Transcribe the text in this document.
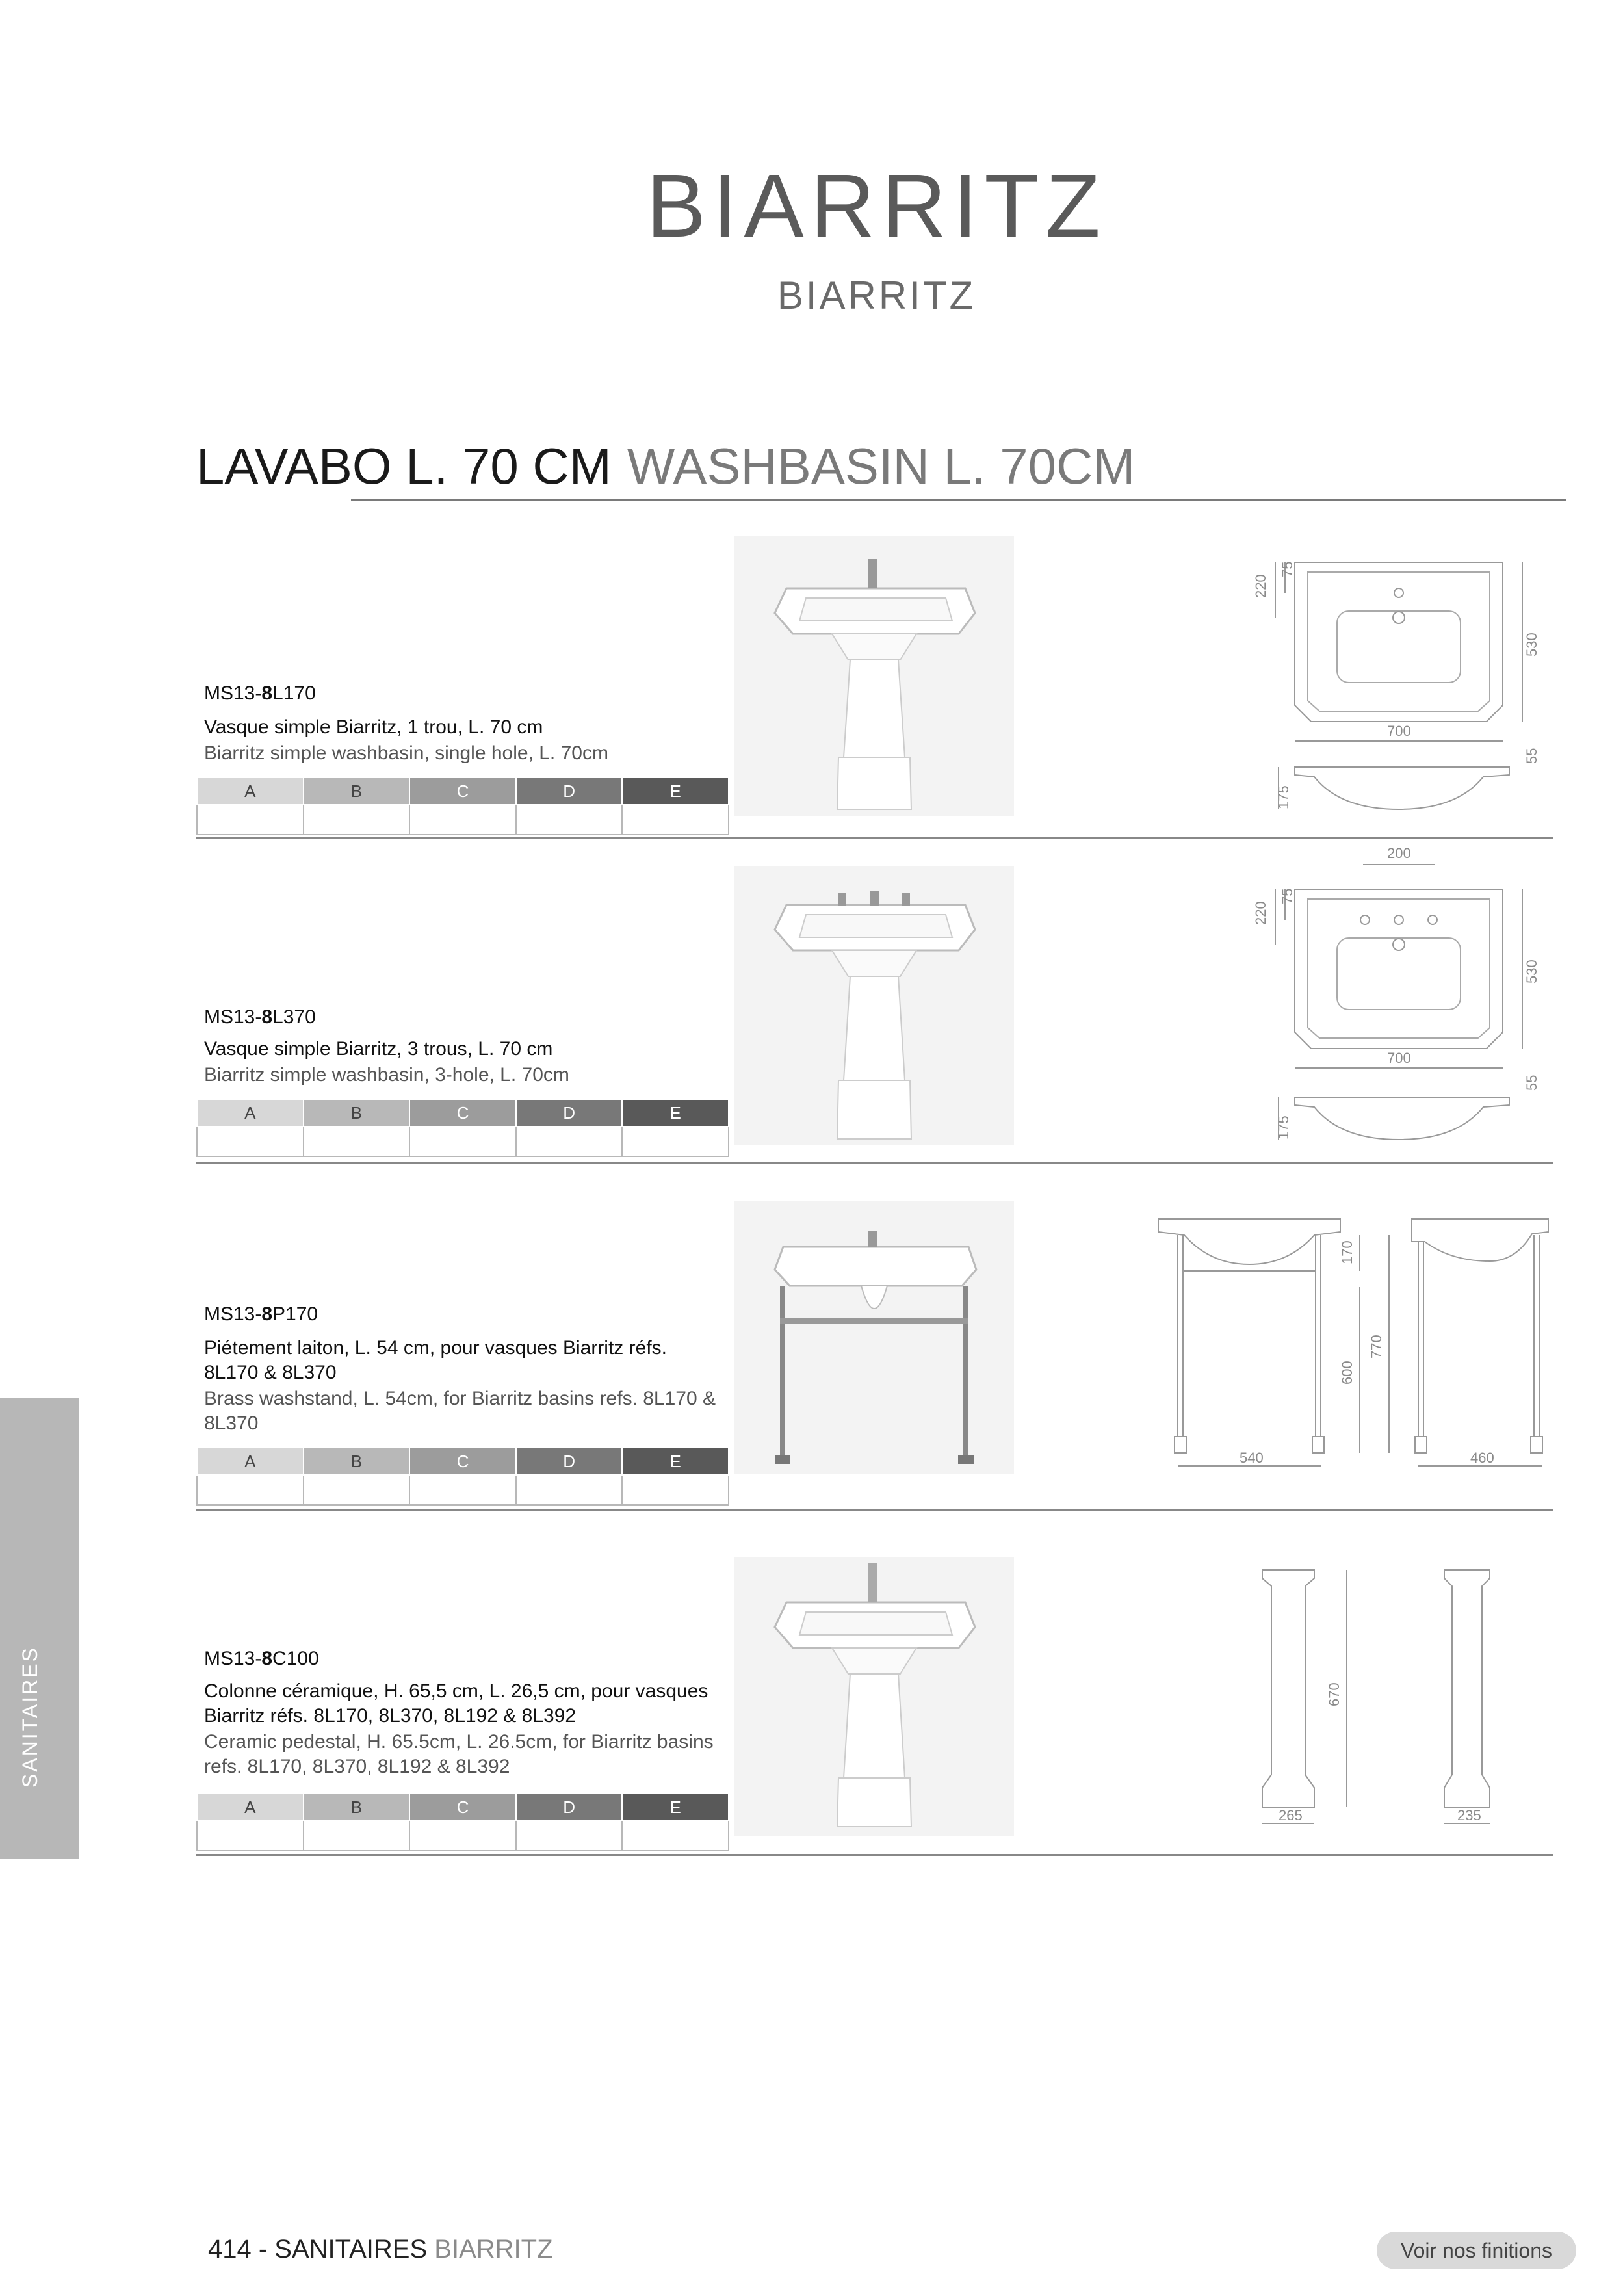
BIARRITZ
BIARRITZ
LAVABO L. 70 CM WASHBASIN L. 70CM
MS13-8L170
Vasque simple Biarritz, 1 trou, L. 70 cm
Biarritz simple washbasin, single hole, L. 70cm
A	B	C	D	E

220
75
530
700
55
175
MS13-8L370
Vasque simple Biarritz, 3 trous, L. 70 cm
Biarritz simple washbasin, 3-hole, L. 70cm
A	B	C	D	E

200
220
75
530
700
55
175
MS13-8P170
Piétement laiton, L. 54 cm, pour vasques Biarritz réfs. 8L170 & 8L370
Brass washstand, L. 54cm, for Biarritz basins refs. 8L170 & 8L370
A	B	C	D	E

170
600
770
540	460
MS13-8C100
Colonne céramique, H. 65,5 cm, L. 26,5 cm, pour vasques Biarritz réfs. 8L170, 8L370, 8L192 & 8L392
Ceramic pedestal, H. 65.5cm, L. 26.5cm, for Biarritz basins refs. 8L170, 8L370, 8L192 & 8L392
A	B	C	D	E

670
265	235
SANITAIRES
414 - SANITAIRES BIARRITZ	Voir nos finitions
